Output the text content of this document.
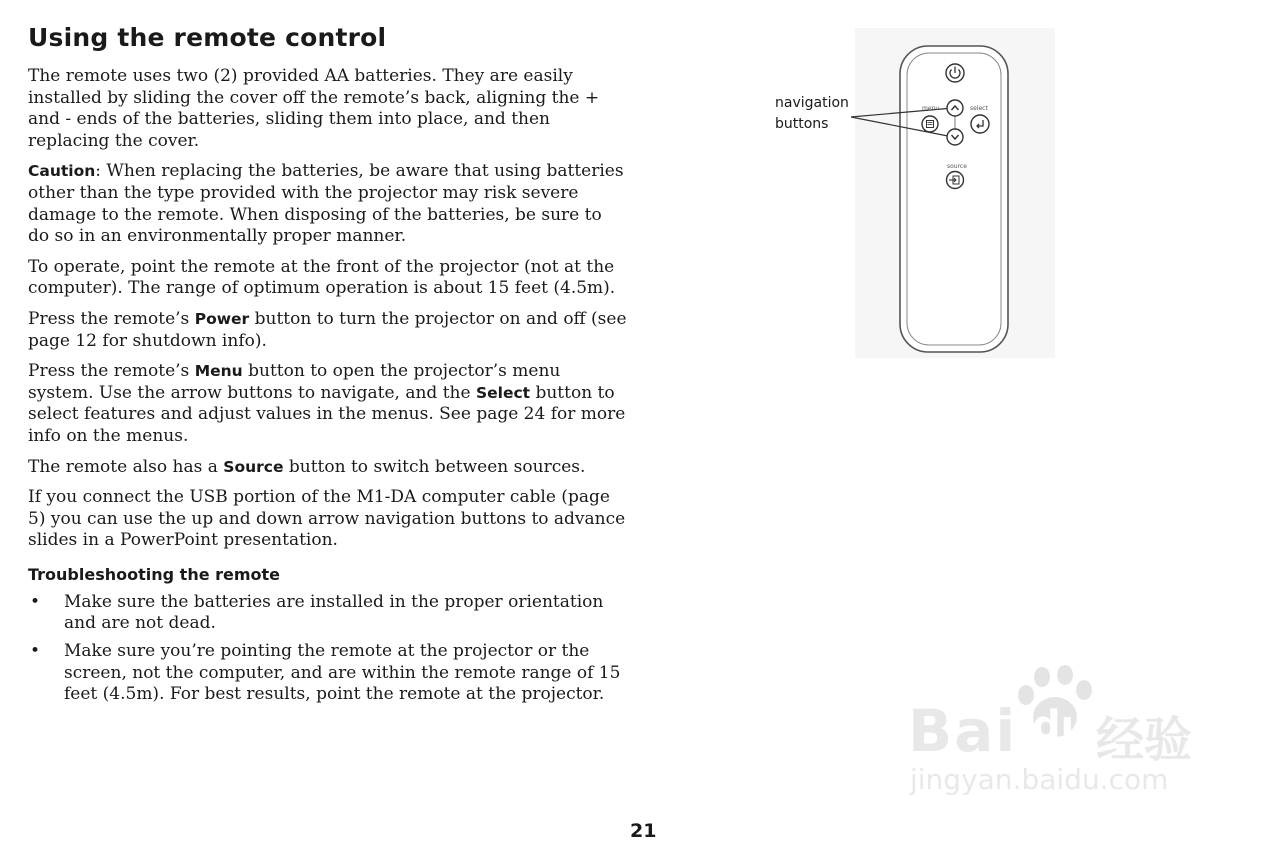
Using the remote control

The remote uses two (2) provided AA batteries. They are easily installed by sliding the cover off the remote’s back, aligning the + and - ends of the batteries, sliding them into place, and then replacing the cover.

Caution: When replacing the batteries, be aware that using batteries other than the type provided with the projector may risk severe damage to the remote. When disposing of the batteries, be sure to do so in an environmentally proper manner.

To operate, point the remote at the front of the projector (not at the computer). The range of optimum operation is about 15 feet (4.5m).

Press the remote’s Power button to turn the projector on and off (see page 12 for shutdown info).

Press the remote’s Menu button to open the projector’s menu system. Use the arrow buttons to navigate, and the Select button to select features and adjust values in the menus. See page 24 for more info on the menus.

The remote also has a Source button to switch between sources.

If you connect the USB portion of the M1-DA computer cable (page 5) you can use the up and down arrow navigation buttons to advance slides in a PowerPoint presentation.

Troubleshooting the remote
• Make sure the batteries are installed in the proper orientation and are not dead.
• Make sure you’re pointing the remote at the projector or the screen, not the computer, and are within the remote range of 15 feet (4.5m). For best results, point the remote at the projector.
navigation
buttons
menu	select
source
Bai du 经验
jingyan.baidu.com
21
